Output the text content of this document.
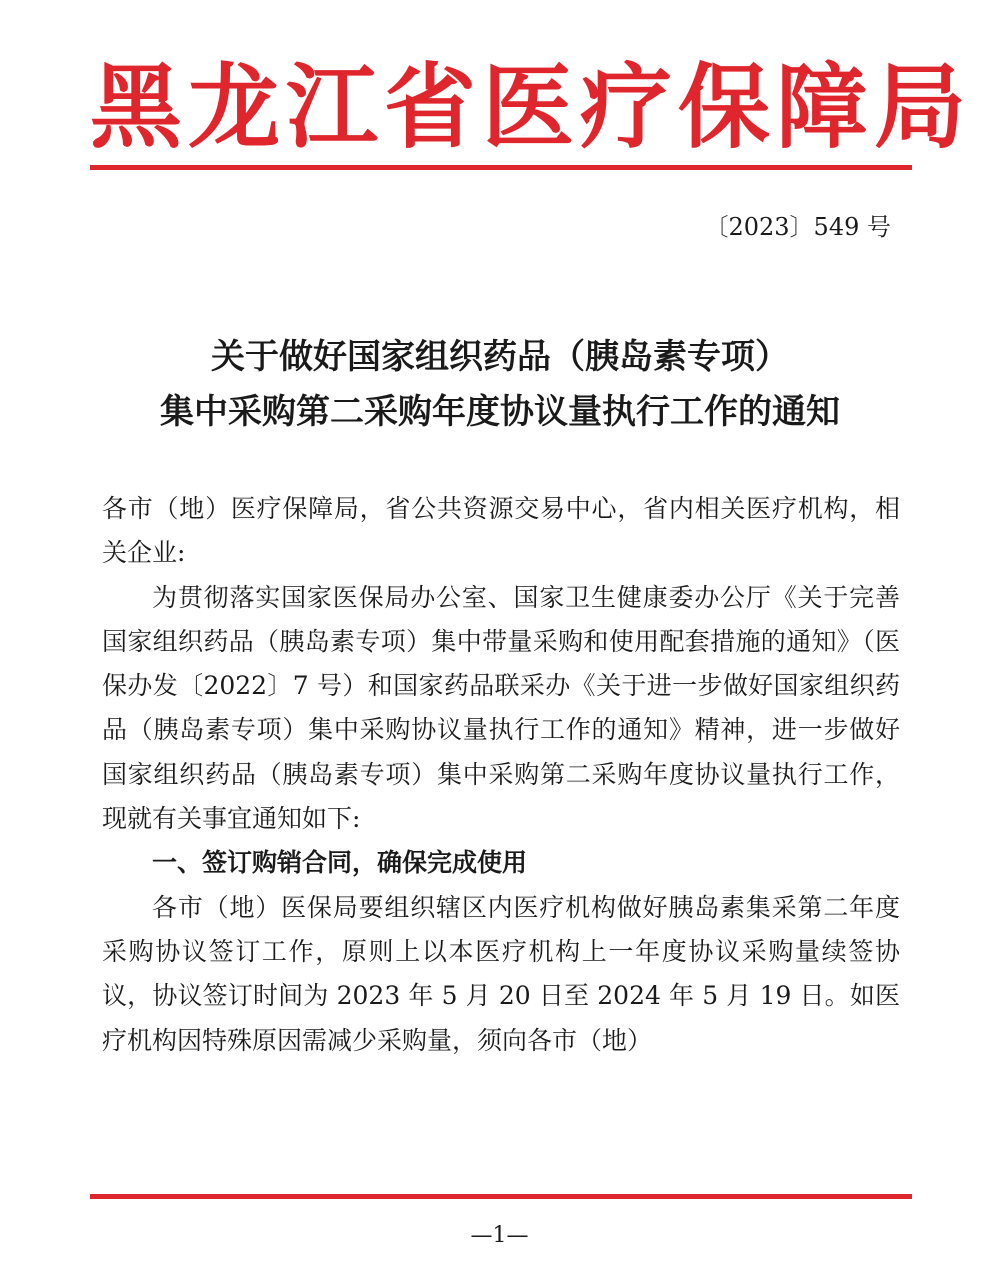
黑龙江省医疗保障局
〔2023〕549 号
关于做好国家组织药品（胰岛素专项）
集中采购第二采购年度协议量执行工作的通知

各市（地）医疗保障局，省公共资源交易中心，省内相关医疗机构，相关企业:

为贯彻落实国家医保局办公室、国家卫生健康委办公厅《关于完善国家组织药品（胰岛素专项）集中带量采购和使用配套措施的通知》（医保办发〔2022〕7 号）和国家药品联采办《关于进一步做好国家组织药品（胰岛素专项）集中采购协议量执行工作的通知》精神，进一步做好国家组织药品（胰岛素专项）集中采购第二采购年度协议量执行工作，现就有关事宜通知如下:

一、签订购销合同，确保完成使用

各市（地）医保局要组织辖区内医疗机构做好胰岛素集采第二年度采购协议签订工作，原则上以本医疗机构上一年度协议采购量续签协议，协议签订时间为 2023 年 5 月 20 日至 2024 年 5 月 19 日。如医疗机构因特殊原因需减少采购量，须向各市（地）

—1—
